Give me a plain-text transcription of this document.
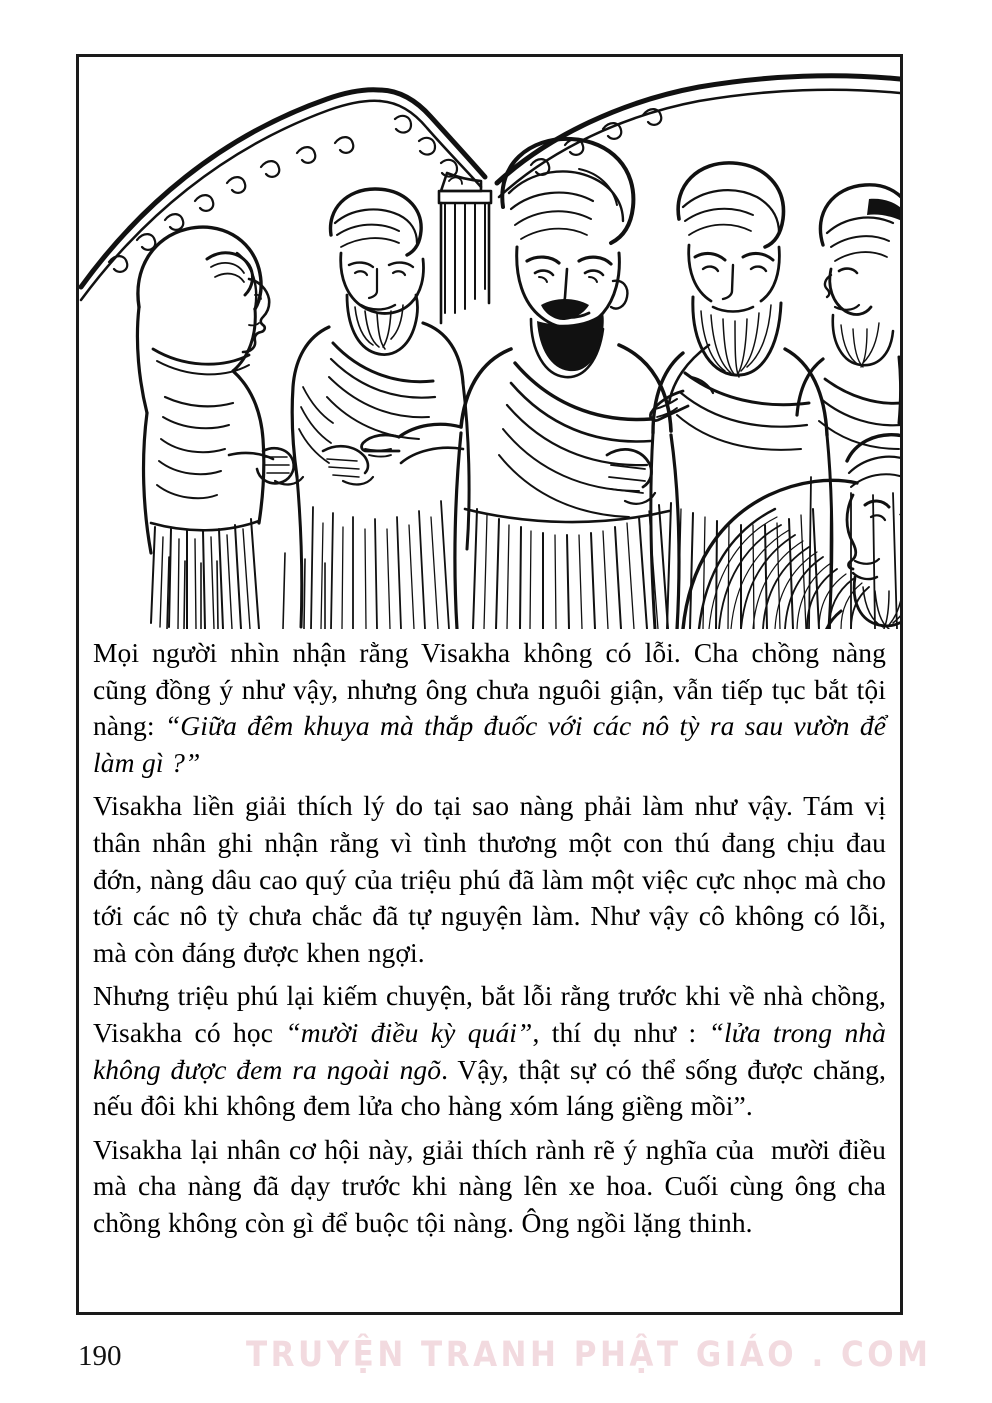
Mọi người nhìn nhận rằng Visakha không có lỗi. Cha chồng nàng cũng đồng ý như vậy, nhưng ông chưa nguôi giận, vẫn tiếp tục bắt tội nàng: “Giữa đêm khuya mà thắp đuốc với các nô tỳ ra sau vườn để làm gì ?”

Visakha liền giải thích lý do tại sao nàng phải làm như vậy. Tám vị thân nhân ghi nhận rằng vì tình thương một con thú đang chịu đau đớn, nàng dâu cao quý của triệu phú đã làm một việc cực nhọc mà cho tới các nô tỳ chưa chắc đã tự nguyện làm. Như vậy cô không có lỗi, mà còn đáng được khen ngợi.

Nhưng triệu phú lại kiếm chuyện, bắt lỗi rằng trước khi về nhà chồng, Visakha có học “mười điều kỳ quái”, thí dụ như : “lửa trong nhà không được đem ra ngoài ngõ. Vậy, thật sự có thể sống được chăng, nếu đôi khi không đem lửa cho hàng xóm láng giềng mồi”.

Visakha lại nhân cơ hội này, giải thích rành rẽ ý nghĩa của  mười điều mà cha nàng đã dạy trước khi nàng lên xe hoa. Cuối cùng ông cha chồng không còn gì để buộc tội nàng. Ông ngồi lặng thinh.

190	TRUYỆN TRANH PHẬT GIÁO . COM
